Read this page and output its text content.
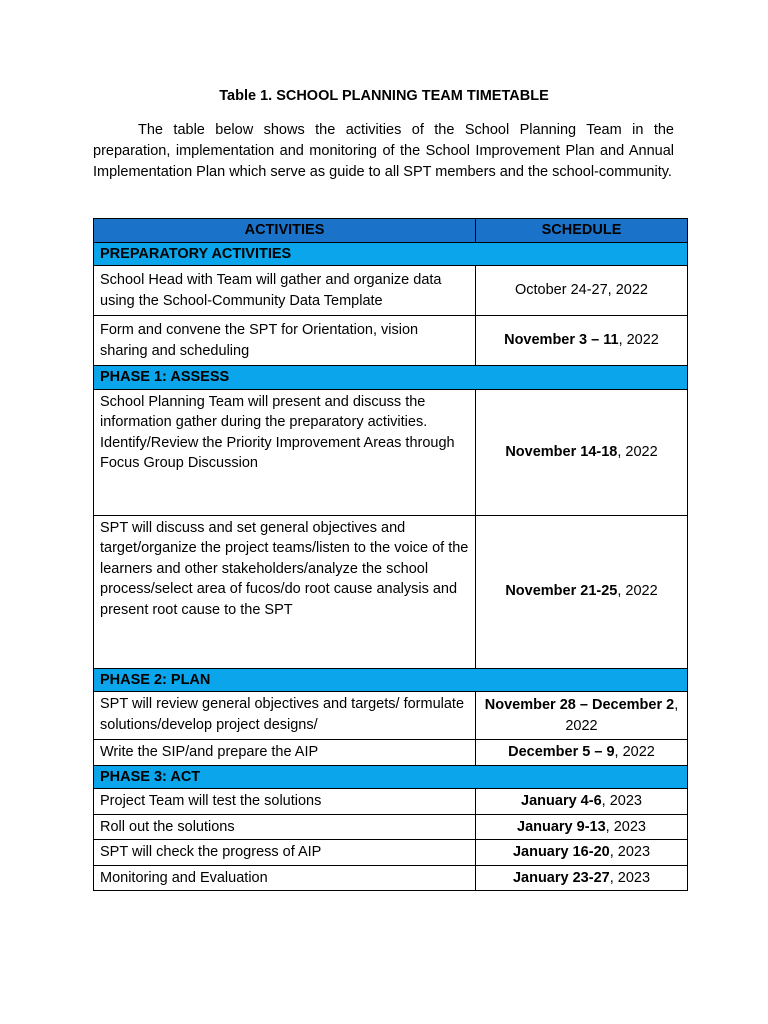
Table 1. SCHOOL PLANNING TEAM TIMETABLE
The table below shows the activities of the School Planning Team in the preparation, implementation and monitoring of the School Improvement Plan and Annual Implementation Plan which serve as guide to all SPT members and the school-community.
ACTIVITIES	SCHEDULE
PREPARATORY ACTIVITIES	
School Head with Team will gather and organize data using the School-Community Data Template	October 24-27, 2022
Form and convene the SPT for Orientation, vision sharing and scheduling	November 3 – 11, 2022
PHASE 1: ASSESS	

School Planning Team will present and discuss the information gather during the preparatory activities.
Identify/Review the Priority Improvement Areas through Focus Group Discussion	November 14-18, 2022
SPT will discuss and set general objectives and target/organize the project teams/listen to the voice of the learners and other stakeholders/analyze the school process/select area of fucos/do root cause analysis and present root cause to the SPT	November 21-25, 2022
PHASE 2: PLAN	
SPT will review general objectives and targets/ formulate solutions/develop project designs/	November 28 – December 2, 2022
Write the SIP/and prepare the AIP	December 5 – 9, 2022
PHASE 3: ACT	
Project Team will test the solutions	January 4-6, 2023
Roll out the solutions	January 9-13, 2023
SPT will check the progress of AIP	January 16-20, 2023
Monitoring and Evaluation	January 23-27, 2023
